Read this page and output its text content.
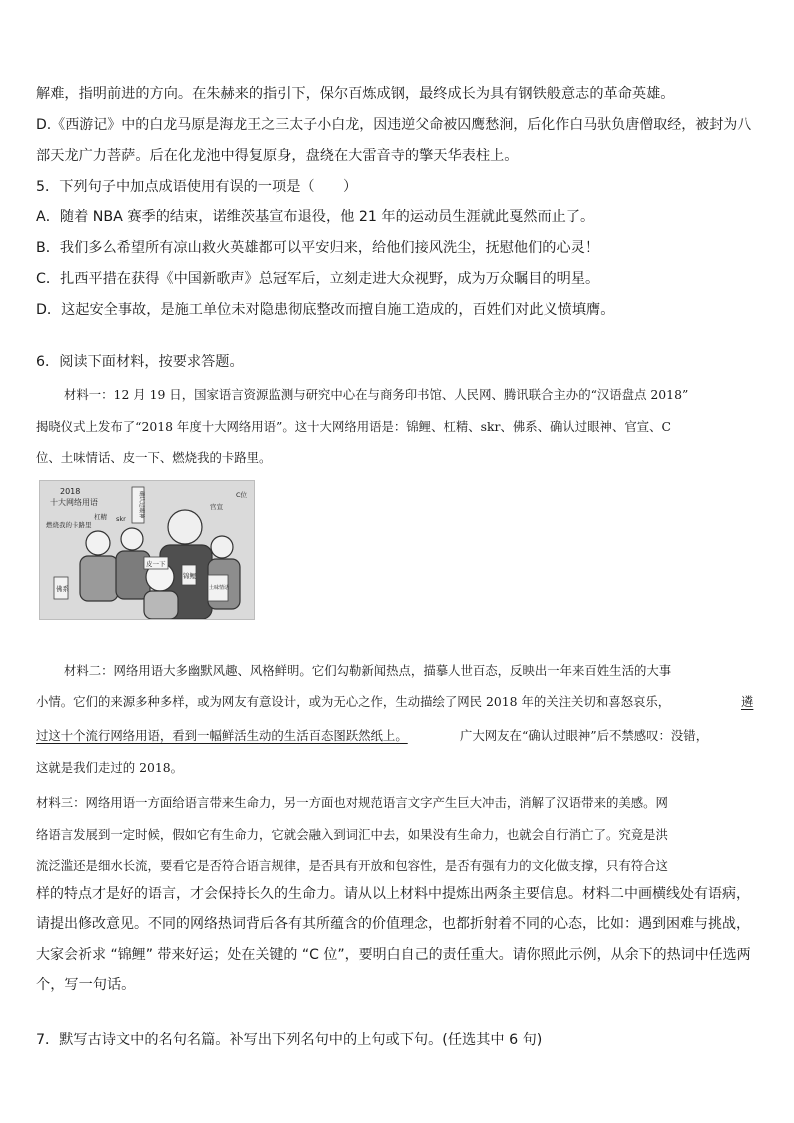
解难，指明前进的方向。在朱赫来的指引下，保尔百炼成钢，最终成长为具有钢铁般意志的革命英雄。
D.《西游记》中的白龙马原是海龙王之三太子小白龙，因违逆父命被囚鹰愁涧，后化作白马驮负唐僧取经，被封为八
部天龙广力菩萨。后在化龙池中得复原身，盘绕在大雷音寺的擎天华表柱上。
5．下列句子中加点成语使用有误的一项是（　　）
A．随着 NBA 赛季的结束，诺维茨基宣布退役，他 21 年的运动员生涯就此戛然而止了。
B．我们多么希望所有凉山救火英雄都可以平安归来，给他们接风洗尘，抚慰他们的心灵！
C．扎西平措在获得《中国新歌声》总冠军后，立刻走进大众视野，成为万众瞩目的明星。
D．这起安全事故，是施工单位未对隐患彻底整改而擅自施工造成的，百姓们对此义愤填膺。
6．阅读下面材料，按要求答题。
材料一：12 月 19 日，国家语言资源监测与研究中心在与商务印书馆、人民网、腾讯联合主办的“汉语盘点 2018”
揭晓仪式上发布了“2018 年度十大网络用语”。这十大网络用语是：锦鲤、杠精、skr、佛系、确认过眼神、官宣、C
位、土味情话、皮一下、燃烧我的卡路里。
2018
十大网络用语
燃烧我的卡路里
杠精 skr
确认过眼神	官宣
C位
皮一下
佛系
锦鲤
土味情话
材料二：网络用语大多幽默风趣、风格鲜明。它们勾勒新闻热点，描摹人世百态，反映出一年来百姓生活的大事
小情。它们的来源多种多样，或为网友有意设计，或为无心之作，生动描绘了网民 2018 年的关注关切和喜怒哀乐，	遴
过这十个流行网络用语，看到一幅鲜活生动的生活百态图跃然纸上。	广大网友在“确认过眼神”后不禁感叹：没错，
这就是我们走过的 2018。
材料三：网络用语一方面给语言带来生命力，另一方面也对规范语言文字产生巨大冲击，消解了汉语带来的美感。网
络语言发展到一定时候，假如它有生命力，它就会融入到词汇中去，如果没有生命力，也就会自行消亡了。究竟是洪
流泛滥还是细水长流，要看它是否符合语言规律，是否具有开放和包容性，是否有强有力的文化做支撑，只有符合这
样的特点才是好的语言，才会保持长久的生命力。请从以上材料中提炼出两条主要信息。材料二中画横线处有语病，
请提出修改意见。不同的网络热词背后各有其所蕴含的价值理念，也都折射着不同的心态，比如：遇到困难与挑战，
大家会祈求 “锦鲤” 带来好运；处在关键的 “C 位”，要明白自己的责任重大。请你照此示例，从余下的热词中任选两
个，写一句话。
7．默写古诗文中的名句名篇。补写出下列名句中的上句或下句。(任选其中 6 句)
